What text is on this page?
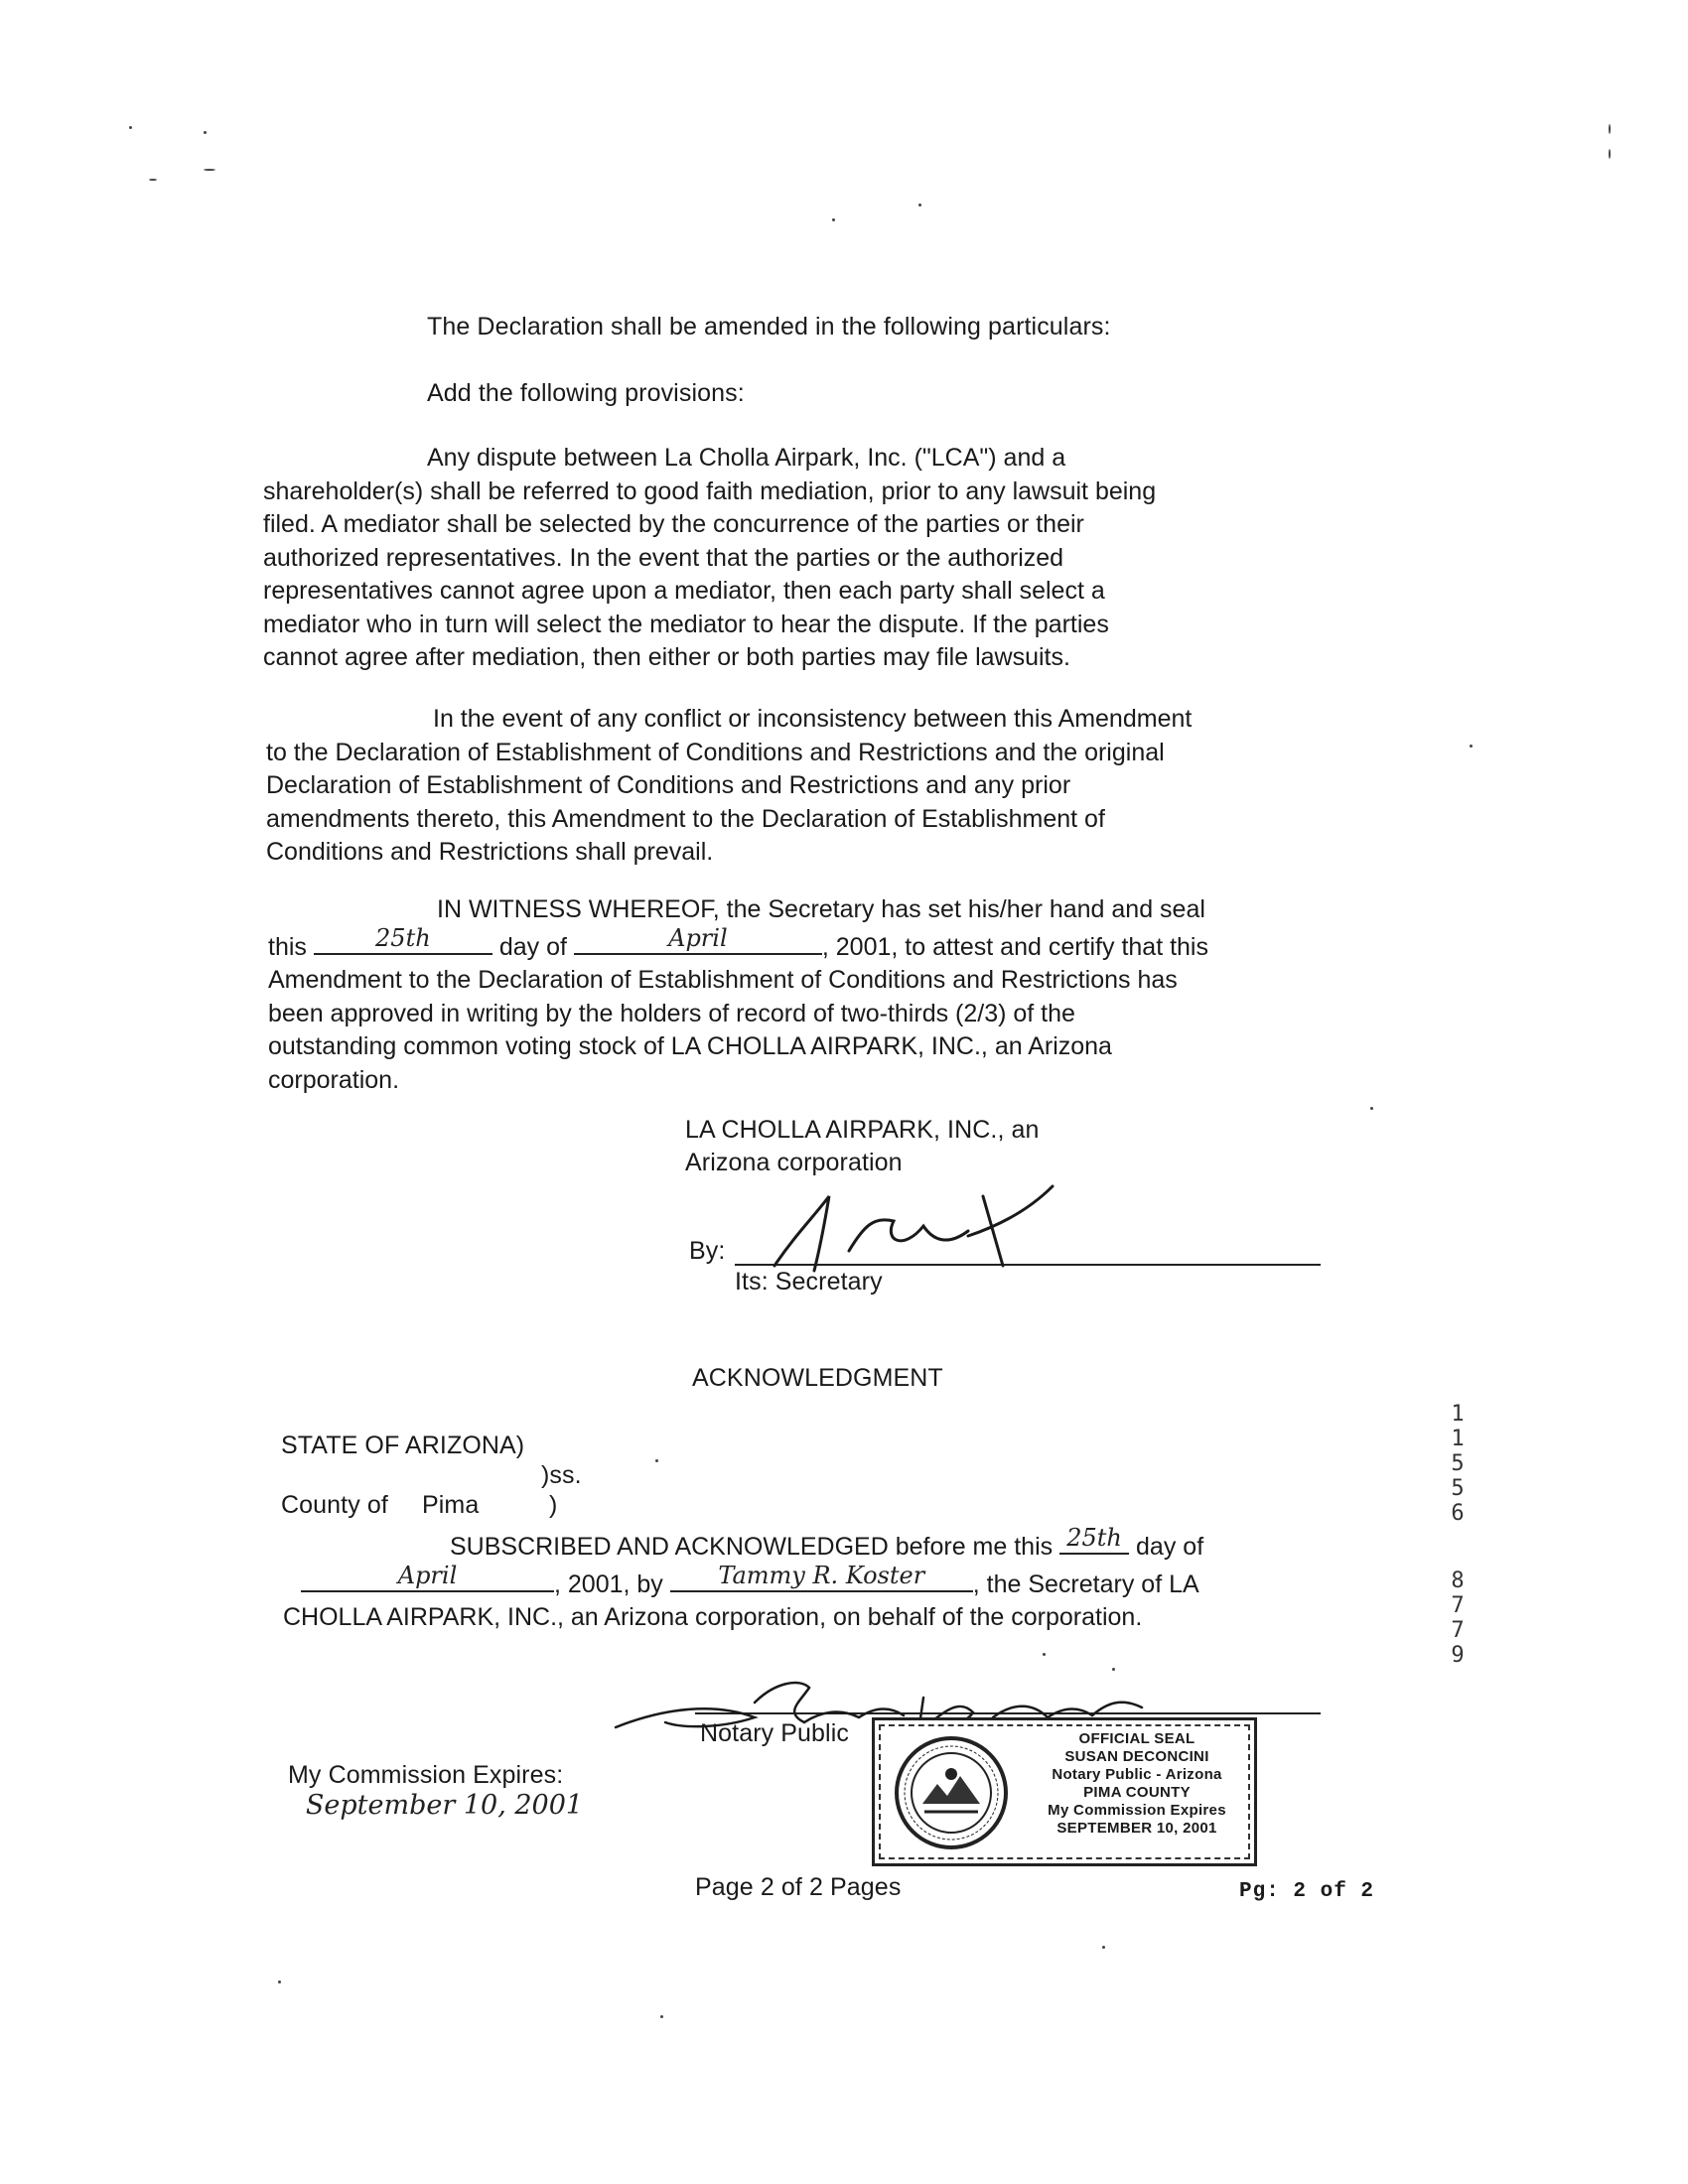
The Declaration shall be amended in the following particulars:
Add the following provisions:
Any dispute between La Cholla Airpark, Inc. ("LCA") and a
shareholder(s) shall be referred to good faith mediation, prior to any lawsuit being
filed. A mediator shall be selected by the concurrence of the parties or their
authorized representatives. In the event that the parties or the authorized
representatives cannot agree upon a mediator, then each party shall select a
mediator who in turn will select the mediator to hear the dispute. If the parties
cannot agree after mediation, then either or both parties may file lawsuits.
In the event of any conflict or inconsistency between this Amendment
to the Declaration of Establishment of Conditions and Restrictions and the original
Declaration of Establishment of Conditions and Restrictions and any prior
amendments thereto, this Amendment to the Declaration of Establishment of
Conditions and Restrictions shall prevail.
IN WITNESS WHEREOF, the Secretary has set his/her hand and seal
this	25th	day of	April	, 2001, to attest and certify that this
Amendment to the Declaration of Establishment of Conditions and Restrictions has
been approved in writing by the holders of record of two-thirds (2/3) of the
outstanding common voting stock of LA CHOLLA AIRPARK, INC., an Arizona
corporation.
LA CHOLLA AIRPARK, INC., an
Arizona corporation
By:
Its: Secretary
ACKNOWLEDGMENT
STATE OF ARIZONA)
)ss.
County of Pima	)
SUBSCRIBED AND ACKNOWLEDGED before me this 25th day of
April	, 2001, by	Tammy R. Koster	, the Secretary of LA
CHOLLA AIRPARK, INC., an Arizona corporation, on behalf of the corporation.
Notary Public
My Commission Expires:
September 10, 2001
OFFICIAL SEAL
SUSAN DECONCINI
Notary Public - Arizona
PIMA COUNTY
My Commission Expires
SEPTEMBER 10, 2001
Page 2 of 2 Pages	Pg: 2 of 2
1
1
5
5
6
8
7
7
9
